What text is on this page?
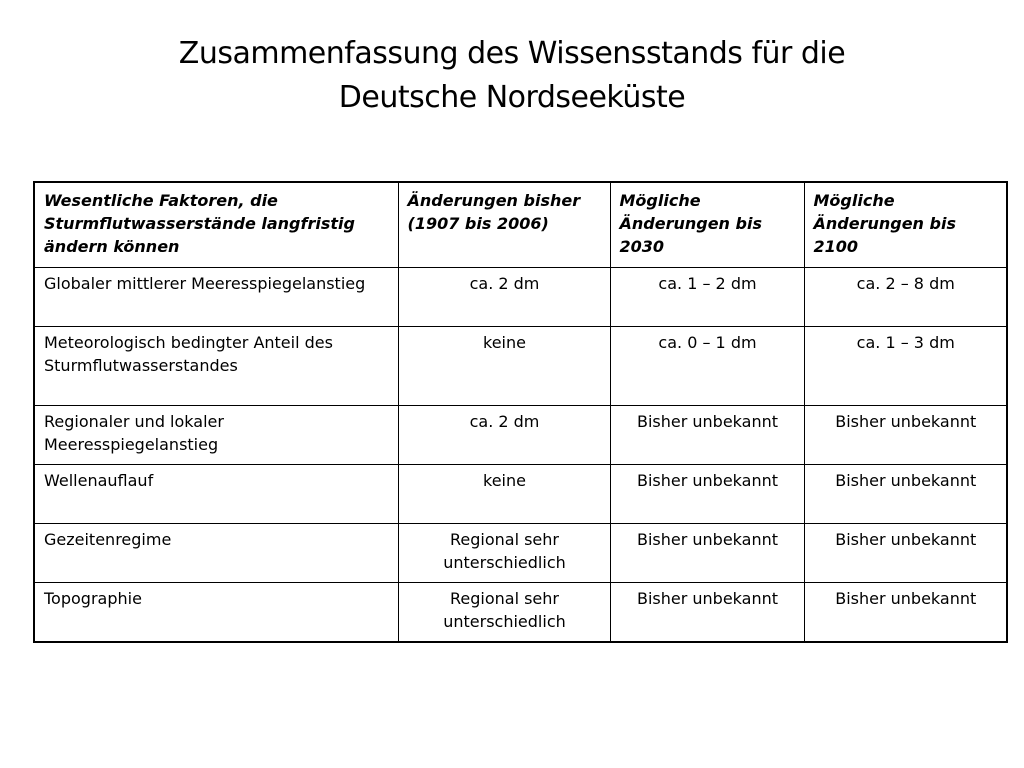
Zusammenfassung des Wissensstands für die
Deutsche Nordseeküste
Wesentliche Faktoren, die Sturmflutwasserstände langfristig ändern können	Änderungen bisher (1907 bis 2006)	Mögliche Änderungen bis 2030	Mögliche Änderungen bis 2100
Globaler mittlerer Meeresspiegelanstieg	ca. 2 dm	ca. 1 – 2 dm	ca. 2 – 8 dm
Meteorologisch bedingter Anteil des Sturmflutwasserstandes	keine	ca. 0 – 1 dm	ca. 1 – 3 dm
Regionaler und lokaler Meeresspiegelanstieg	ca. 2 dm	Bisher unbekannt	Bisher unbekannt
Wellenauflauf	keine	Bisher unbekannt	Bisher unbekannt
Gezeitenregime	Regional sehr unterschiedlich	Bisher unbekannt	Bisher unbekannt
Topographie	Regional sehr unterschiedlich	Bisher unbekannt	Bisher unbekannt
